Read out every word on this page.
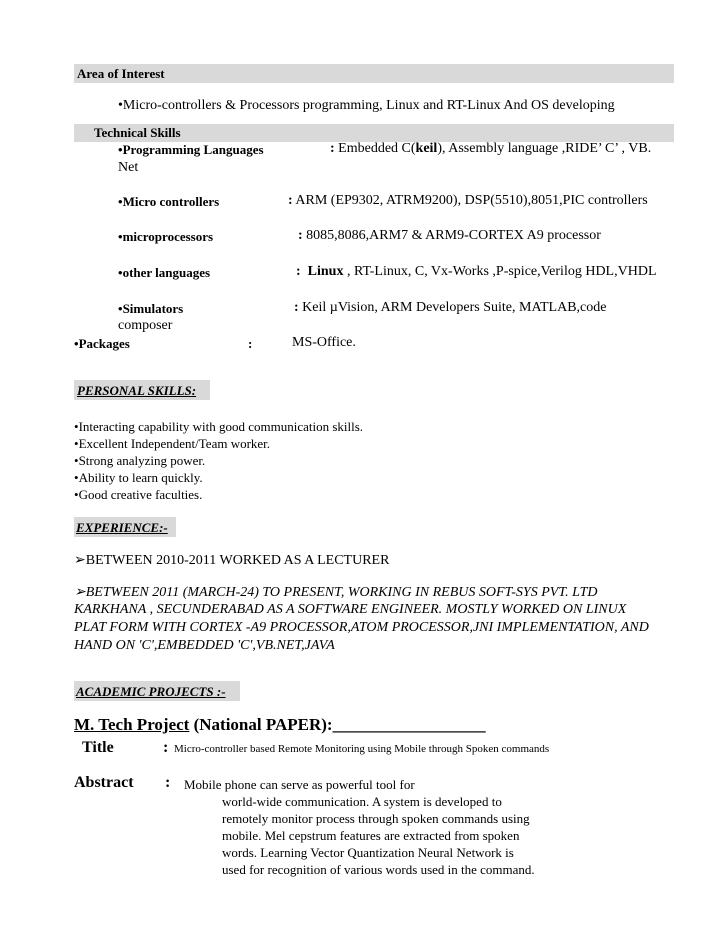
Area of Interest
•Micro-controllers & Processors programming, Linux and RT-Linux And OS developing
Technical Skills
•Programming Languages	: Embedded C(keil), Assembly language ,RIDE’ C’ , VB.
Net
•Micro controllers	: ARM (EP9302, ATRM9200), DSP(5510),8051,PIC controllers
•microprocessors	: 8085,8086,ARM7 & ARM9-CORTEX A9 processor
•other languages	: Linux , RT-Linux, C, Vx-Works ,P-spice,Verilog HDL,VHDL
•Simulators	: Keil µVision, ARM Developers Suite, MATLAB,code
composer
•Packages	:	MS-Office.
PERSONAL SKILLS:
•Interacting capability with good communication skills.
•Excellent Independent/Team worker.
•Strong analyzing power.
•Ability to learn quickly.
•Good creative faculties.
EXPERIENCE:-
➢BETWEEN 2010-2011 WORKED AS A LECTURER
➢BETWEEN 2011 (MARCH-24) TO PRESENT, WORKING IN REBUS SOFT-SYS PVT. LTD
KARKHANA , SECUNDERABAD AS A SOFTWARE ENGINEER. MOSTLY WORKED ON LINUX
PLAT FORM WITH CORTEX -A9 PROCESSOR,ATOM PROCESSOR,JNI IMPLEMENTATION, AND
HAND ON 'C',EMBEDDED 'C',VB.NET,JAVA
ACADEMIC PROJECTS :-
M. Tech Project (National PAPER):__________________
Title	: Micro-controller based Remote Monitoring using Mobile through Spoken commands
Abstract : Mobile phone can serve as powerful tool for
world-wide communication. A system is developed to
remotely monitor process through spoken commands using
mobile. Mel cepstrum features are extracted from spoken
words. Learning Vector Quantization Neural Network is
used for recognition of various words used in the command.
